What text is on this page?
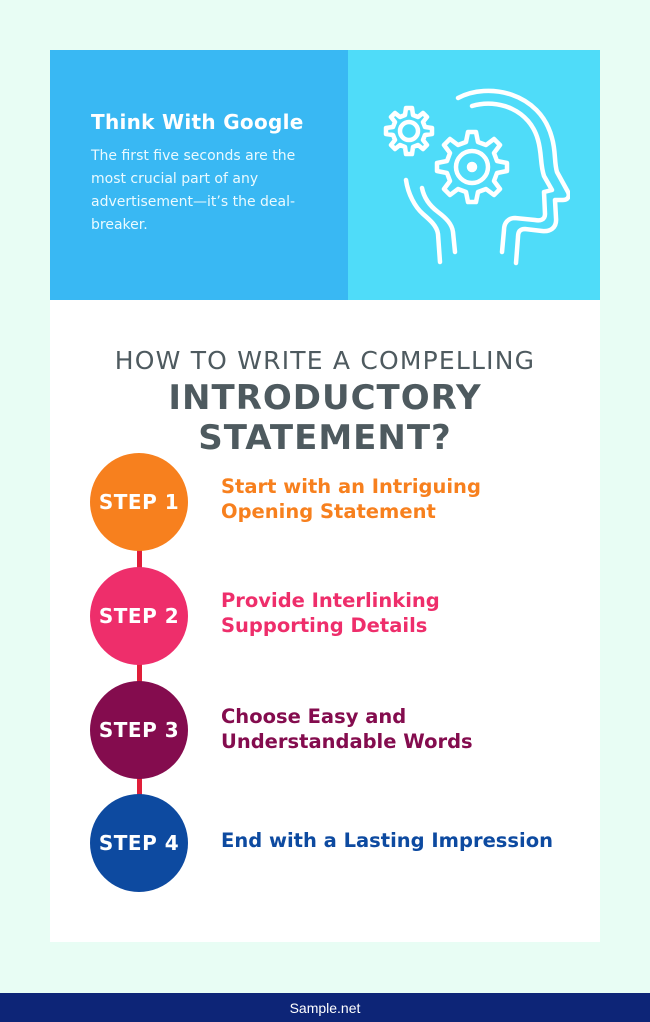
Think With Google
The first five seconds are the most crucial part of any advertisement—it’s the deal-breaker.
HOW TO WRITE A COMPELLING
INTRODUCTORY STATEMENT?
STEP 1
Start with an Intriguing
Opening Statement
STEP 2
Provide Interlinking
Supporting Details
STEP 3
Choose Easy and
Understandable Words
STEP 4	End with a Lasting Impression
Sample.net
